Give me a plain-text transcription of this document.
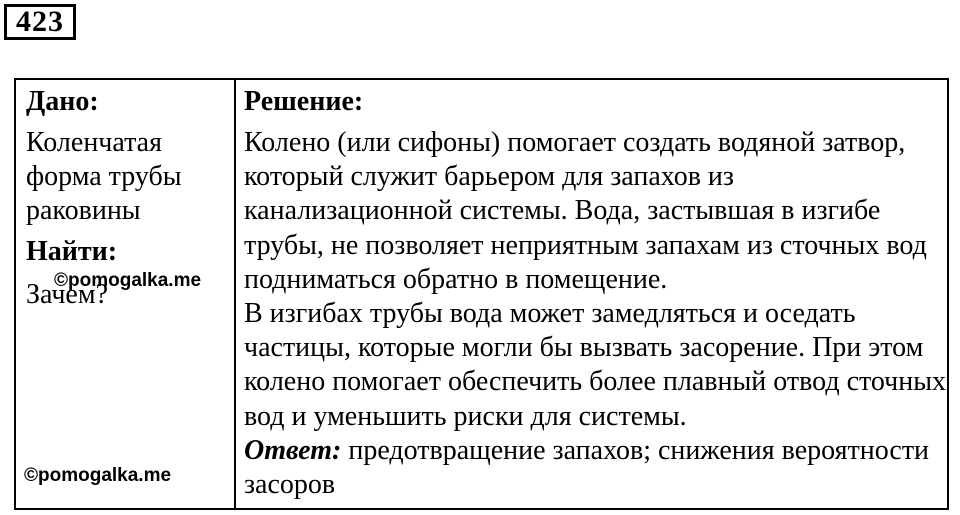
423
Дано:
Коленчатая форма трубы раковины
Найти:
Зачем?
©pomogalka.me
©pomogalka.me
Решение:

Колено (или сифоны) помогает создать водяной затвор, который служит барьером для запахов из канализационной системы. Вода, застывшая в изгибе трубы, не позволяет неприятным запахам из сточных вод подниматься обратно в помещение.

В изгибах трубы вода может замедляться и оседать частицы, которые могли бы вызвать засорение. При этом колено помогает обеспечить более плавный отвод сточных вод и уменьшить риски для системы.

Ответ: предотвращение запахов; снижения вероятности засоров
